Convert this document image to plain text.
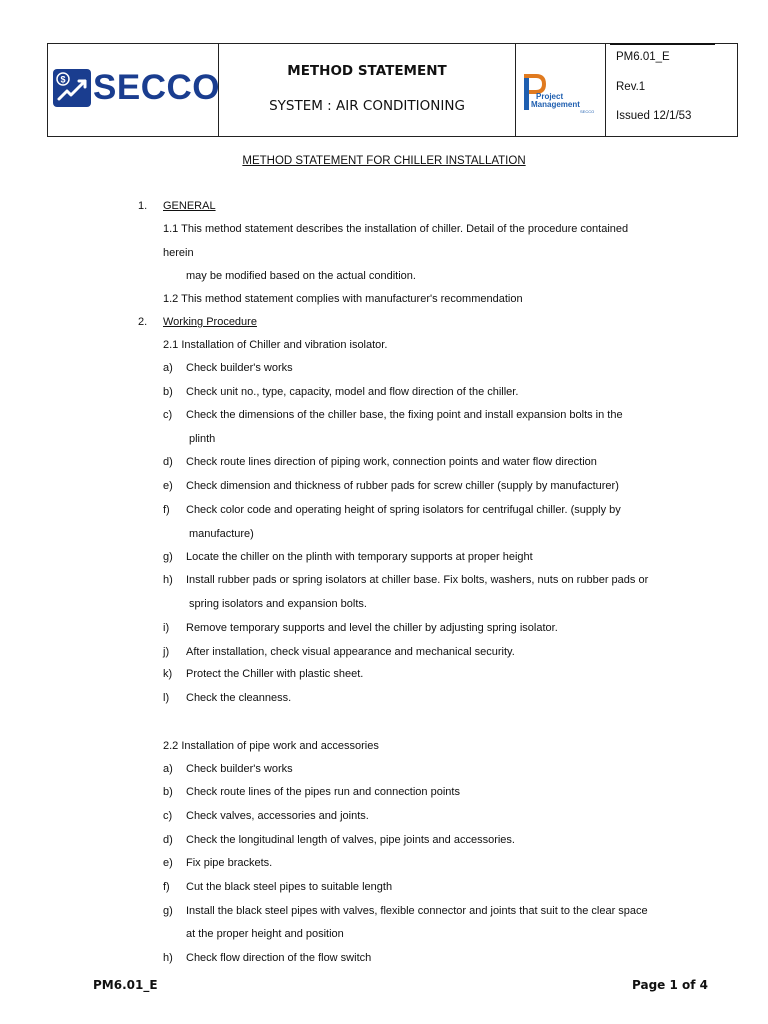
$ SECCO	METHOD STATEMENT
SYSTEM : AIR CONDITIONING
Project
Management
SECCO
PM6.01_E
Rev.1
Issued 12/1/53
METHOD STATEMENT FOR CHILLER INSTALLATION
1. GENERAL
1.1 This method statement describes the installation of chiller. Detail of the procedure contained
herein
may be modified based on the actual condition.
1.2 This method statement complies with manufacturer's recommendation
2. Working Procedure
2.1 Installation of Chiller and vibration isolator.
a) Check builder's works
b) Check unit no., type, capacity, model and flow direction of the chiller.
c) Check the dimensions of the chiller base, the fixing point and install expansion bolts in the
plinth
d) Check route lines direction of piping work, connection points and water flow direction
e) Check dimension and thickness of rubber pads for screw chiller (supply by manufacturer)
f) Check color code and operating height of spring isolators for centrifugal chiller. (supply by
manufacture)
g) Locate the chiller on the plinth with temporary supports at proper height
h) Install rubber pads or spring isolators at chiller base. Fix bolts, washers, nuts on rubber pads or
spring isolators and expansion bolts.
i) Remove temporary supports and level the chiller by adjusting spring isolator.
j) After installation, check visual appearance and mechanical security.
k) Protect the Chiller with plastic sheet.
l) Check the cleanness.
2.2 Installation of pipe work and accessories
a) Check builder's works
b) Check route lines of the pipes run and connection points
c) Check valves, accessories and joints.
d) Check the longitudinal length of valves, pipe joints and accessories.
e) Fix pipe brackets.
f) Cut the black steel pipes to suitable length
g) Install the black steel pipes with valves, flexible connector and joints that suit to the clear space
at the proper height and position
h) Check flow direction of the flow switch
PM6.01_E	Page 1 of 4
